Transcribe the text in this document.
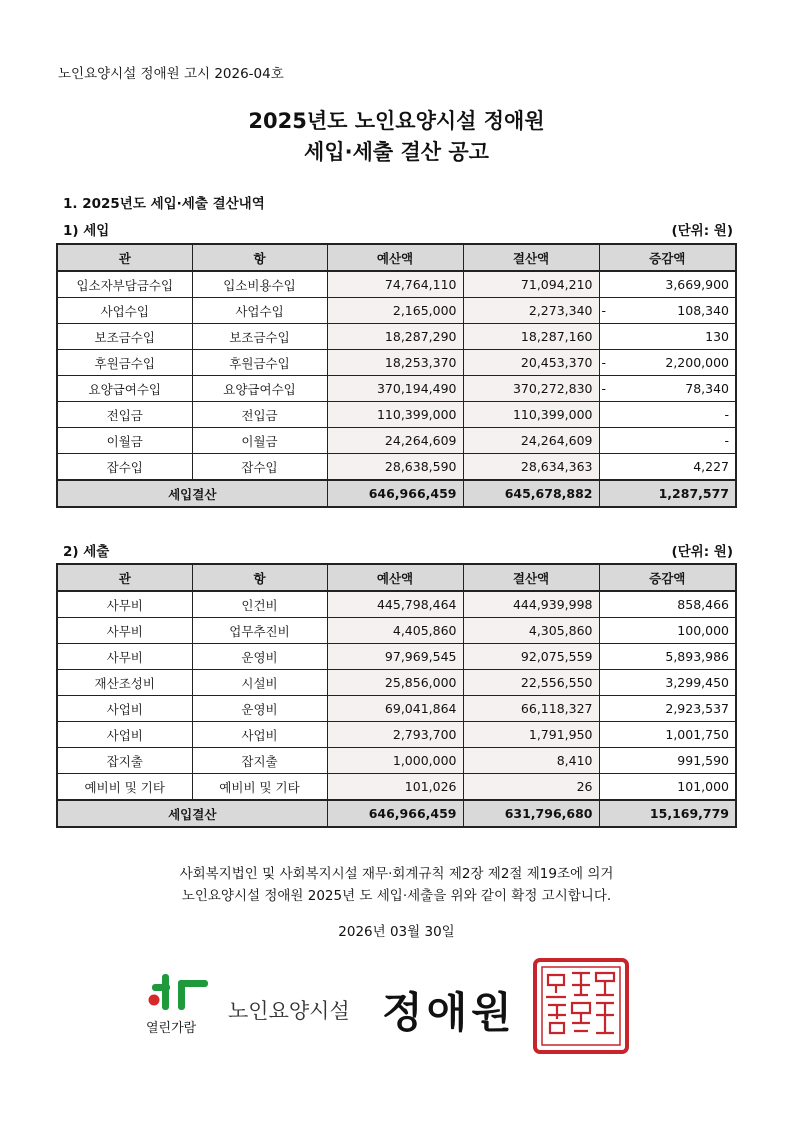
노인요양시설 정애원 고시 2026-04호
2025년도 노인요양시설 정애원
세입·세출 결산 공고
1. 2025년도 세입·세출 결산내역
1) 세입	(단위: 원)
관	항	예산액	결산액	증감액
입소자부담금수입	입소비용수입	74,764,110	71,094,210	3,669,900
사업수입	사업수입	2,165,000	2,273,340	- 108,340
보조금수입	보조금수입	18,287,290	18,287,160	130
후원금수입	후원금수입	18,253,370	20,453,370	- 2,200,000
요양급여수입	요양급여수입	370,194,490	370,272,830	- 78,340
전입금	전입금	110,399,000	110,399,000	-
이월금	이월금	24,264,609	24,264,609	-
잡수입	잡수입	28,638,590	28,634,363	4,227
세입결산		646,966,459	645,678,882	1,287,577
2) 세출	(단위: 원)
관	항	예산액	결산액	증감액
사무비	인건비	445,798,464	444,939,998	858,466
사무비	업무추진비	4,405,860	4,305,860	100,000
사무비	운영비	97,969,545	92,075,559	5,893,986
재산조성비	시설비	25,856,000	22,556,550	3,299,450
사업비	운영비	69,041,864	66,118,327	2,923,537
사업비	사업비	2,793,700	1,791,950	1,001,750
잡지출	잡지출	1,000,000	8,410	991,590
예비비 및 기타	예비비 및 기타	101,026	26	101,000
세입결산		646,966,459	631,796,680	15,169,779
사회복지법인 및 사회복지시설 재무·회계규칙 제2장 제2절 제19조에 의거
노인요양시설 정애원 2025년 도 세입·세출을 위와 같이 확정 고시합니다.
2026년 03월 30일
열린가람
노인요양시설 정애원
